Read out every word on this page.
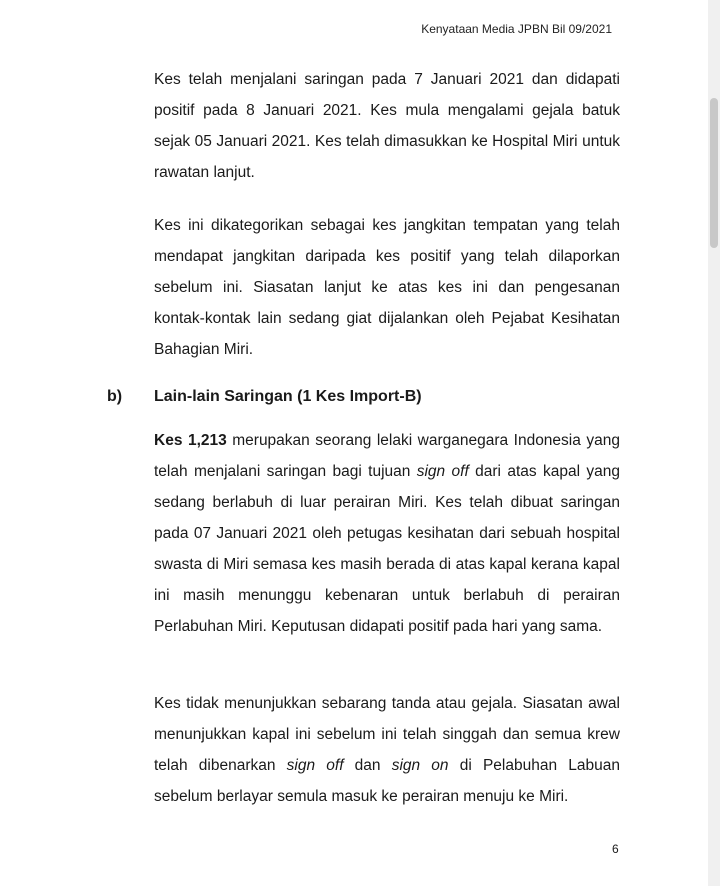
Kenyataan Media JPBN Bil 09/2021
Kes telah menjalani saringan pada 7 Januari 2021 dan didapati positif pada 8 Januari 2021. Kes mula mengalami gejala batuk sejak 05 Januari 2021. Kes telah dimasukkan ke Hospital Miri untuk rawatan lanjut.
Kes ini dikategorikan sebagai kes jangkitan tempatan yang telah mendapat jangkitan daripada kes positif yang telah dilaporkan sebelum ini. Siasatan lanjut ke atas kes ini dan pengesanan kontak-kontak lain sedang giat dijalankan oleh Pejabat Kesihatan Bahagian Miri.
b) Lain-lain Saringan (1 Kes Import-B)
Kes 1,213 merupakan seorang lelaki warganegara Indonesia yang telah menjalani saringan bagi tujuan sign off dari atas kapal yang sedang berlabuh di luar perairan Miri. Kes telah dibuat saringan pada 07 Januari 2021 oleh petugas kesihatan dari sebuah hospital swasta di Miri semasa kes masih berada di atas kapal kerana kapal ini masih menunggu kebenaran untuk berlabuh di perairan Perlabuhan Miri. Keputusan didapati positif pada hari yang sama.
Kes tidak menunjukkan sebarang tanda atau gejala. Siasatan awal menunjukkan kapal ini sebelum ini telah singgah dan semua krew telah dibenarkan sign off dan sign on di Pelabuhan Labuan sebelum berlayar semula masuk ke perairan menuju ke Miri.
6
